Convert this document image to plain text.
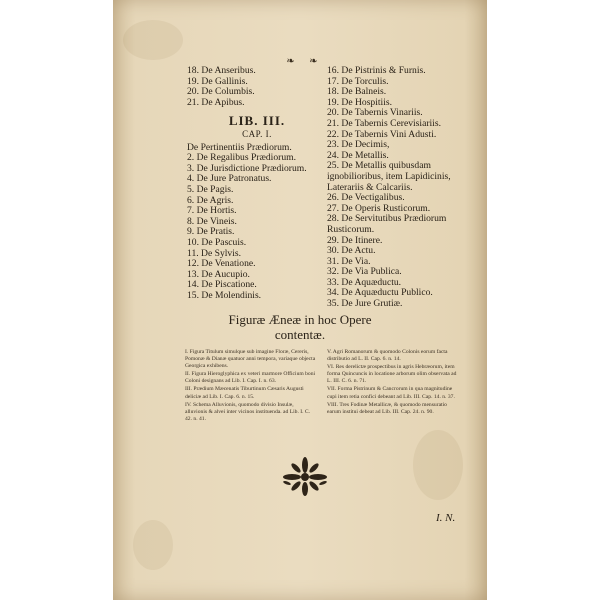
❧ ❧
18. De Anseribus.
19. De Gallinis.
20. De Columbis.
21. De Apibus.
LIB. III.
CAP. I.
De Pertinentiis Prædiorum.
2. De Regalibus Prædiorum.
3. De Jurisdictione Prædiorum.
4. De Jure Patronatus.
5. De Pagis.
6. De Agris.
7. De Hortis.
8. De Vineis.
9. De Pratis.
10. De Pascuis.
11. De Sylvis.
12. De Venatione.
13. De Aucupio.
14. De Piscatione.
15. De Molendinis.
16. De Pistrinis & Furnis.
17. De Torculis.
18. De Balneis.
19. De Hospitiis.
20. De Tabernis Vinariis.
21. De Tabernis Cerevisiariis.
22. De Tabernis Vini Adusti.
23. De Decimis,
24. De Metallis.
25. De Metallis quibusdam ignobilioribus, item Lapidicinis, Laterariis & Calcariis.
26. De Vectigalibus.
27. De Operis Rusticorum.
28. De Servitutibus Prædiorum Rusticorum.
29. De Itinere.
30. De Actu.
31. De Via.
32. De Via Publica.
33. De Aquæductu.
34. De Aquæductu Publico.
35. De Jure Grutiæ.
Figuræ Æneæ in hoc Opere
contentæ.
I. Figura Titulum simulque sub imagine Floræ, Cereris, Pomonæ & Dianæ quatuor anni tempora, variaque objecta Georgica exhibens.
II. Figura Hieroglyphica ex veteri marmore Officium boni Coloni designans ad Lib. I. Cap. I. n. 63.
III. Prædium Mæcenatis Tiburtinum Cæsaris Augusti deliciæ ad Lib. I. Cap. 6. n. 15.
IV. Schema Alluvionis, quomodo divisio Insulæ, alluvionis & alvei inter vicinos instituenda. ad Lib. I. C. 42. n. 41.
V. Agri Romanorum & quomodo Colonis eorum facta distributio ad L. II. Cap. 6. n. 14.
VI. Res derelictæ prospectibus in agris Hebræorum, item forma Quincuncis in locatione arborum olim observata ad L. III. C. 6. n. 71.
VII. Forma Pistrinum & Cancrorum in qua magnitudine cupi item retia confici debeant ad Lib. III. Cap. 14. n. 37.
VIII. Tres Fodinæ Metallicæ, & quomodo mensuratio earum institui debeat ad Lib. III. Cap. 24. n. 90.
I. N.
